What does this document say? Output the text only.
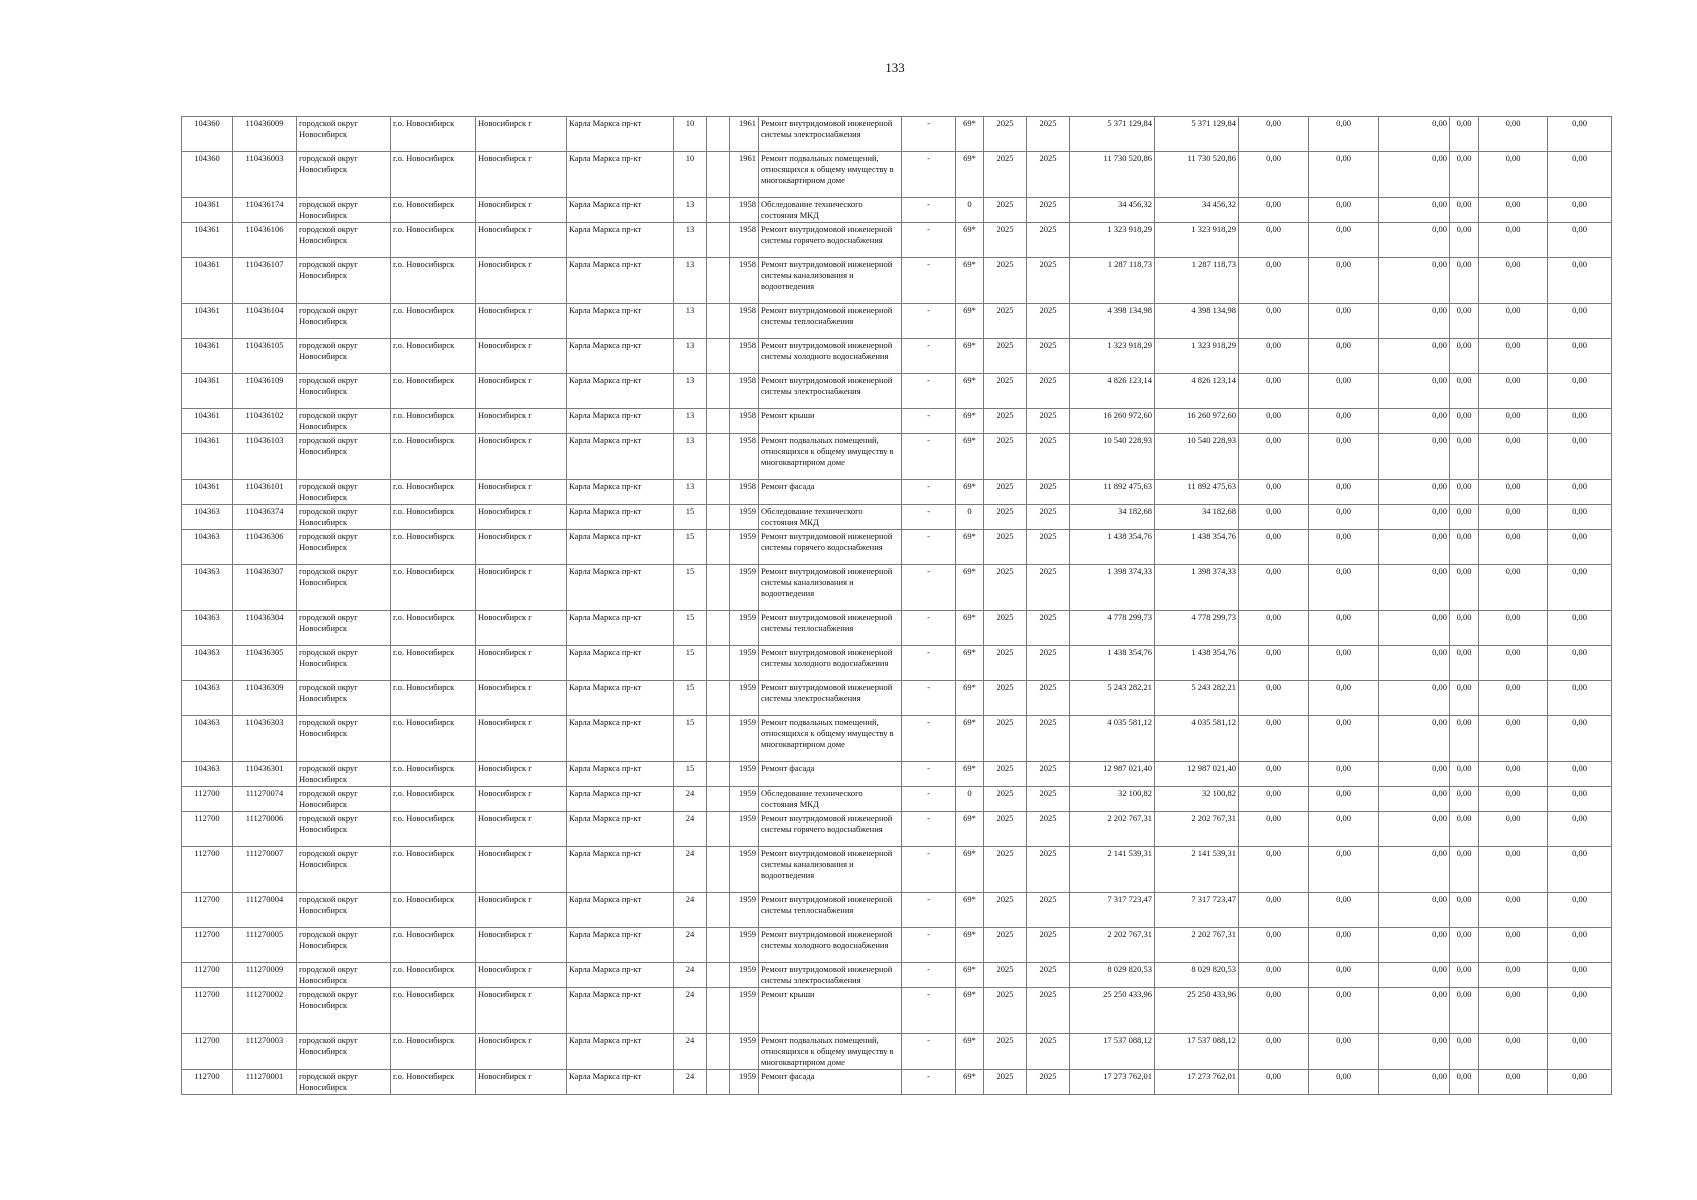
133
104360	110436009	городской округ Новосибирск	г.о. Новосибирск	Новосибирск г	Карла Маркса пр-кт	10		1961	Ремонт внутридомовой инженерной системы электроснабжения	-	69*	2025	2025	5 371 129,84	5 371 129,84	0,00	0,00	0,00	0,00	0,00	0,00
104360	110436003	городской округ Новосибирск	г.о. Новосибирск	Новосибирск г	Карла Маркса пр-кт	10		1961	Ремонт подвальных помещений, относящихся к общему имуществу в многоквартирном доме	-	69*	2025	2025	11 730 520,86	11 730 520,86	0,00	0,00	0,00	0,00	0,00	0,00
104361	110436174	городской округ Новосибирск	г.о. Новосибирск	Новосибирск г	Карла Маркса пр-кт	13		1958	Обследование технического состояния МКД	-	0	2025	2025	34 456,32	34 456,32	0,00	0,00	0,00	0,00	0,00	0,00
104361	110436106	городской округ Новосибирск	г.о. Новосибирск	Новосибирск г	Карла Маркса пр-кт	13		1958	Ремонт внутридомовой инженерной системы горячего водоснабжения	-	69*	2025	2025	1 323 918,29	1 323 918,29	0,00	0,00	0,00	0,00	0,00	0,00
104361	110436107	городской округ Новосибирск	г.о. Новосибирск	Новосибирск г	Карла Маркса пр-кт	13		1958	Ремонт внутридомовой инженерной системы канализования и водоотведения	-	69*	2025	2025	1 287 118,73	1 287 118,73	0,00	0,00	0,00	0,00	0,00	0,00
104361	110436104	городской округ Новосибирск	г.о. Новосибирск	Новосибирск г	Карла Маркса пр-кт	13		1958	Ремонт внутридомовой инженерной системы теплоснабжения	-	69*	2025	2025	4 398 134,98	4 398 134,98	0,00	0,00	0,00	0,00	0,00	0,00
104361	110436105	городской округ Новосибирск	г.о. Новосибирск	Новосибирск г	Карла Маркса пр-кт	13		1958	Ремонт внутридомовой инженерной системы холодного водоснабжения	-	69*	2025	2025	1 323 918,29	1 323 918,29	0,00	0,00	0,00	0,00	0,00	0,00
104361	110436109	городской округ Новосибирск	г.о. Новосибирск	Новосибирск г	Карла Маркса пр-кт	13		1958	Ремонт внутридомовой инженерной системы электроснабжения	-	69*	2025	2025	4 826 123,14	4 826 123,14	0,00	0,00	0,00	0,00	0,00	0,00
104361	110436102	городской округ Новосибирск	г.о. Новосибирск	Новосибирск г	Карла Маркса пр-кт	13		1958	Ремонт крыши	-	69*	2025	2025	16 260 972,60	16 260 972,60	0,00	0,00	0,00	0,00	0,00	0,00
104361	110436103	городской округ Новосибирск	г.о. Новосибирск	Новосибирск г	Карла Маркса пр-кт	13		1958	Ремонт подвальных помещений, относящихся к общему имуществу в многоквартирном доме	-	69*	2025	2025	10 540 228,93	10 540 228,93	0,00	0,00	0,00	0,00	0,00	0,00
104361	110436101	городской округ Новосибирск	г.о. Новосибирск	Новосибирск г	Карла Маркса пр-кт	13		1958	Ремонт фасада	-	69*	2025	2025	11 892 475,63	11 892 475,63	0,00	0,00	0,00	0,00	0,00	0,00
104363	110436374	городской округ Новосибирск	г.о. Новосибирск	Новосибирск г	Карла Маркса пр-кт	15		1959	Обследование технического состояния МКД	-	0	2025	2025	34 182,68	34 182,68	0,00	0,00	0,00	0,00	0,00	0,00
104363	110436306	городской округ Новосибирск	г.о. Новосибирск	Новосибирск г	Карла Маркса пр-кт	15		1959	Ремонт внутридомовой инженерной системы горячего водоснабжения	-	69*	2025	2025	1 438 354,76	1 438 354,76	0,00	0,00	0,00	0,00	0,00	0,00
104363	110436307	городской округ Новосибирск	г.о. Новосибирск	Новосибирск г	Карла Маркса пр-кт	15		1959	Ремонт внутридомовой инженерной системы канализования и водоотведения	-	69*	2025	2025	1 398 374,33	1 398 374,33	0,00	0,00	0,00	0,00	0,00	0,00
104363	110436304	городской округ Новосибирск	г.о. Новосибирск	Новосибирск г	Карла Маркса пр-кт	15		1959	Ремонт внутридомовой инженерной системы теплоснабжения	-	69*	2025	2025	4 778 299,73	4 778 299,73	0,00	0,00	0,00	0,00	0,00	0,00
104363	110436305	городской округ Новосибирск	г.о. Новосибирск	Новосибирск г	Карла Маркса пр-кт	15		1959	Ремонт внутридомовой инженерной системы холодного водоснабжения	-	69*	2025	2025	1 438 354,76	1 438 354,76	0,00	0,00	0,00	0,00	0,00	0,00
104363	110436309	городской округ Новосибирск	г.о. Новосибирск	Новосибирск г	Карла Маркса пр-кт	15		1959	Ремонт внутридомовой инженерной системы электроснабжения	-	69*	2025	2025	5 243 282,21	5 243 282,21	0,00	0,00	0,00	0,00	0,00	0,00
104363	110436303	городской округ Новосибирск	г.о. Новосибирск	Новосибирск г	Карла Маркса пр-кт	15		1959	Ремонт подвальных помещений, относящихся к общему имуществу в многоквартирном доме	-	69*	2025	2025	4 035 581,12	4 035 581,12	0,00	0,00	0,00	0,00	0,00	0,00
104363	110436301	городской округ Новосибирск	г.о. Новосибирск	Новосибирск г	Карла Маркса пр-кт	15		1959	Ремонт фасада	-	69*	2025	2025	12 987 021,40	12 987 021,40	0,00	0,00	0,00	0,00	0,00	0,00
112700	111270074	городской округ Новосибирск	г.о. Новосибирск	Новосибирск г	Карла Маркса пр-кт	24		1959	Обследование технического состояния МКД	-	0	2025	2025	32 100,82	32 100,82	0,00	0,00	0,00	0,00	0,00	0,00
112700	111270006	городской округ Новосибирск	г.о. Новосибирск	Новосибирск г	Карла Маркса пр-кт	24		1959	Ремонт внутридомовой инженерной системы горячего водоснабжения	-	69*	2025	2025	2 202 767,31	2 202 767,31	0,00	0,00	0,00	0,00	0,00	0,00
112700	111270007	городской округ Новосибирск	г.о. Новосибирск	Новосибирск г	Карла Маркса пр-кт	24		1959	Ремонт внутридомовой инженерной системы канализования и водоотведения	-	69*	2025	2025	2 141 539,31	2 141 539,31	0,00	0,00	0,00	0,00	0,00	0,00
112700	111270004	городской округ Новосибирск	г.о. Новосибирск	Новосибирск г	Карла Маркса пр-кт	24		1959	Ремонт внутридомовой инженерной системы теплоснабжения	-	69*	2025	2025	7 317 723,47	7 317 723,47	0,00	0,00	0,00	0,00	0,00	0,00
112700	111270005	городской округ Новосибирск	г.о. Новосибирск	Новосибирск г	Карла Маркса пр-кт	24		1959	Ремонт внутридомовой инженерной системы холодного водоснабжения	-	69*	2025	2025	2 202 767,31	2 202 767,31	0,00	0,00	0,00	0,00	0,00	0,00
112700	111270009	городской округ Новосибирск	г.о. Новосибирск	Новосибирск г	Карла Маркса пр-кт	24		1959	Ремонт внутридомовой инженерной системы электроснабжения	-	69*	2025	2025	8 029 820,53	8 029 820,53	0,00	0,00	0,00	0,00	0,00	0,00
112700	111270002	городской округ Новосибирск	г.о. Новосибирск	Новосибирск г	Карла Маркса пр-кт	24		1959	Ремонт крыши	-	69*	2025	2025	25 250 433,96	25 250 433,96	0,00	0,00	0,00	0,00	0,00	0,00
112700	111270003	городской округ Новосибирск	г.о. Новосибирск	Новосибирск г	Карла Маркса пр-кт	24		1959	Ремонт подвальных помещений, относящихся к общему имуществу в многоквартирном доме	-	69*	2025	2025	17 537 088,12	17 537 088,12	0,00	0,00	0,00	0,00	0,00	0,00
112700	111270001	городской округ Новосибирск	г.о. Новосибирск	Новосибирск г	Карла Маркса пр-кт	24		1959	Ремонт фасада	-	69*	2025	2025	17 273 762,01	17 273 762,01	0,00	0,00	0,00	0,00	0,00	0,00
